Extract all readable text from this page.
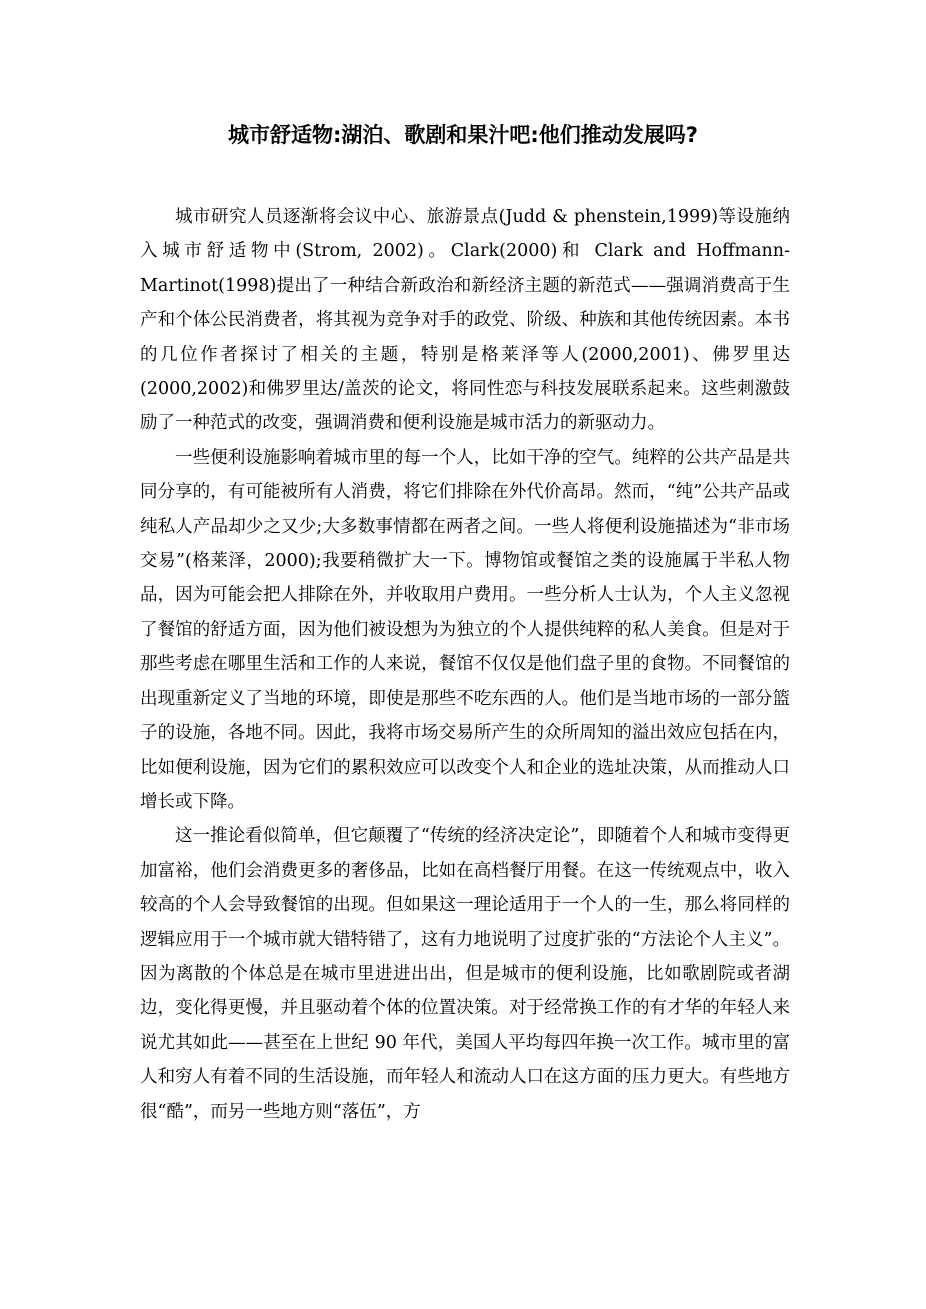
城市舒适物:湖泊、歌剧和果汁吧:他们推动发展吗?

城市研究人员逐渐将会议中心、旅游景点(Judd & phenstein,1999)等设施纳入城市舒适物中(Strom, 2002)。Clark(2000)和 Clark and Hoffmann-Martinot(1998)提出了一种结合新政治和新经济主题的新范式——强调消费高于生产和个体公民消费者，将其视为竞争对手的政党、阶级、种族和其他传统因素。本书的几位作者探讨了相关的主题，特别是格莱泽等人(2000,2001)、佛罗里达(2000,2002)和佛罗里达/盖茨的论文，将同性恋与科技发展联系起来。这些刺激鼓励了一种范式的改变，强调消费和便利设施是城市活力的新驱动力。

一些便利设施影响着城市里的每一个人，比如干净的空气。纯粹的公共产品是共同分享的，有可能被所有人消费，将它们排除在外代价高昂。然而，“纯”公共产品或纯私人产品却少之又少;大多数事情都在两者之间。一些人将便利设施描述为“非市场交易”(格莱泽，2000);我要稍微扩大一下。博物馆或餐馆之类的设施属于半私人物品，因为可能会把人排除在外，并收取用户费用。一些分析人士认为，个人主义忽视了餐馆的舒适方面，因为他们被设想为为独立的个人提供纯粹的私人美食。但是对于那些考虑在哪里生活和工作的人来说，餐馆不仅仅是他们盘子里的食物。不同餐馆的出现重新定义了当地的环境，即使是那些不吃东西的人。他们是当地市场的一部分篮子的设施，各地不同。因此，我将市场交易所产生的众所周知的溢出效应包括在内，比如便利设施，因为它们的累积效应可以改变个人和企业的选址决策，从而推动人口增长或下降。

这一推论看似简单，但它颠覆了“传统的经济决定论”，即随着个人和城市变得更加富裕，他们会消费更多的奢侈品，比如在高档餐厅用餐。在这一传统观点中，收入较高的个人会导致餐馆的出现。但如果这一理论适用于一个人的一生，那么将同样的逻辑应用于一个城市就大错特错了，这有力地说明了过度扩张的“方法论个人主义”。因为离散的个体总是在城市里进进出出，但是城市的便利设施，比如歌剧院或者湖边，变化得更慢，并且驱动着个体的位置决策。对于经常换工作的有才华的年轻人来说尤其如此——甚至在上世纪 90 年代，美国人平均每四年换一次工作。城市里的富人和穷人有着不同的生活设施，而年轻人和流动人口在这方面的压力更大。有些地方很“酷”，而另一些地方则“落伍”，方
